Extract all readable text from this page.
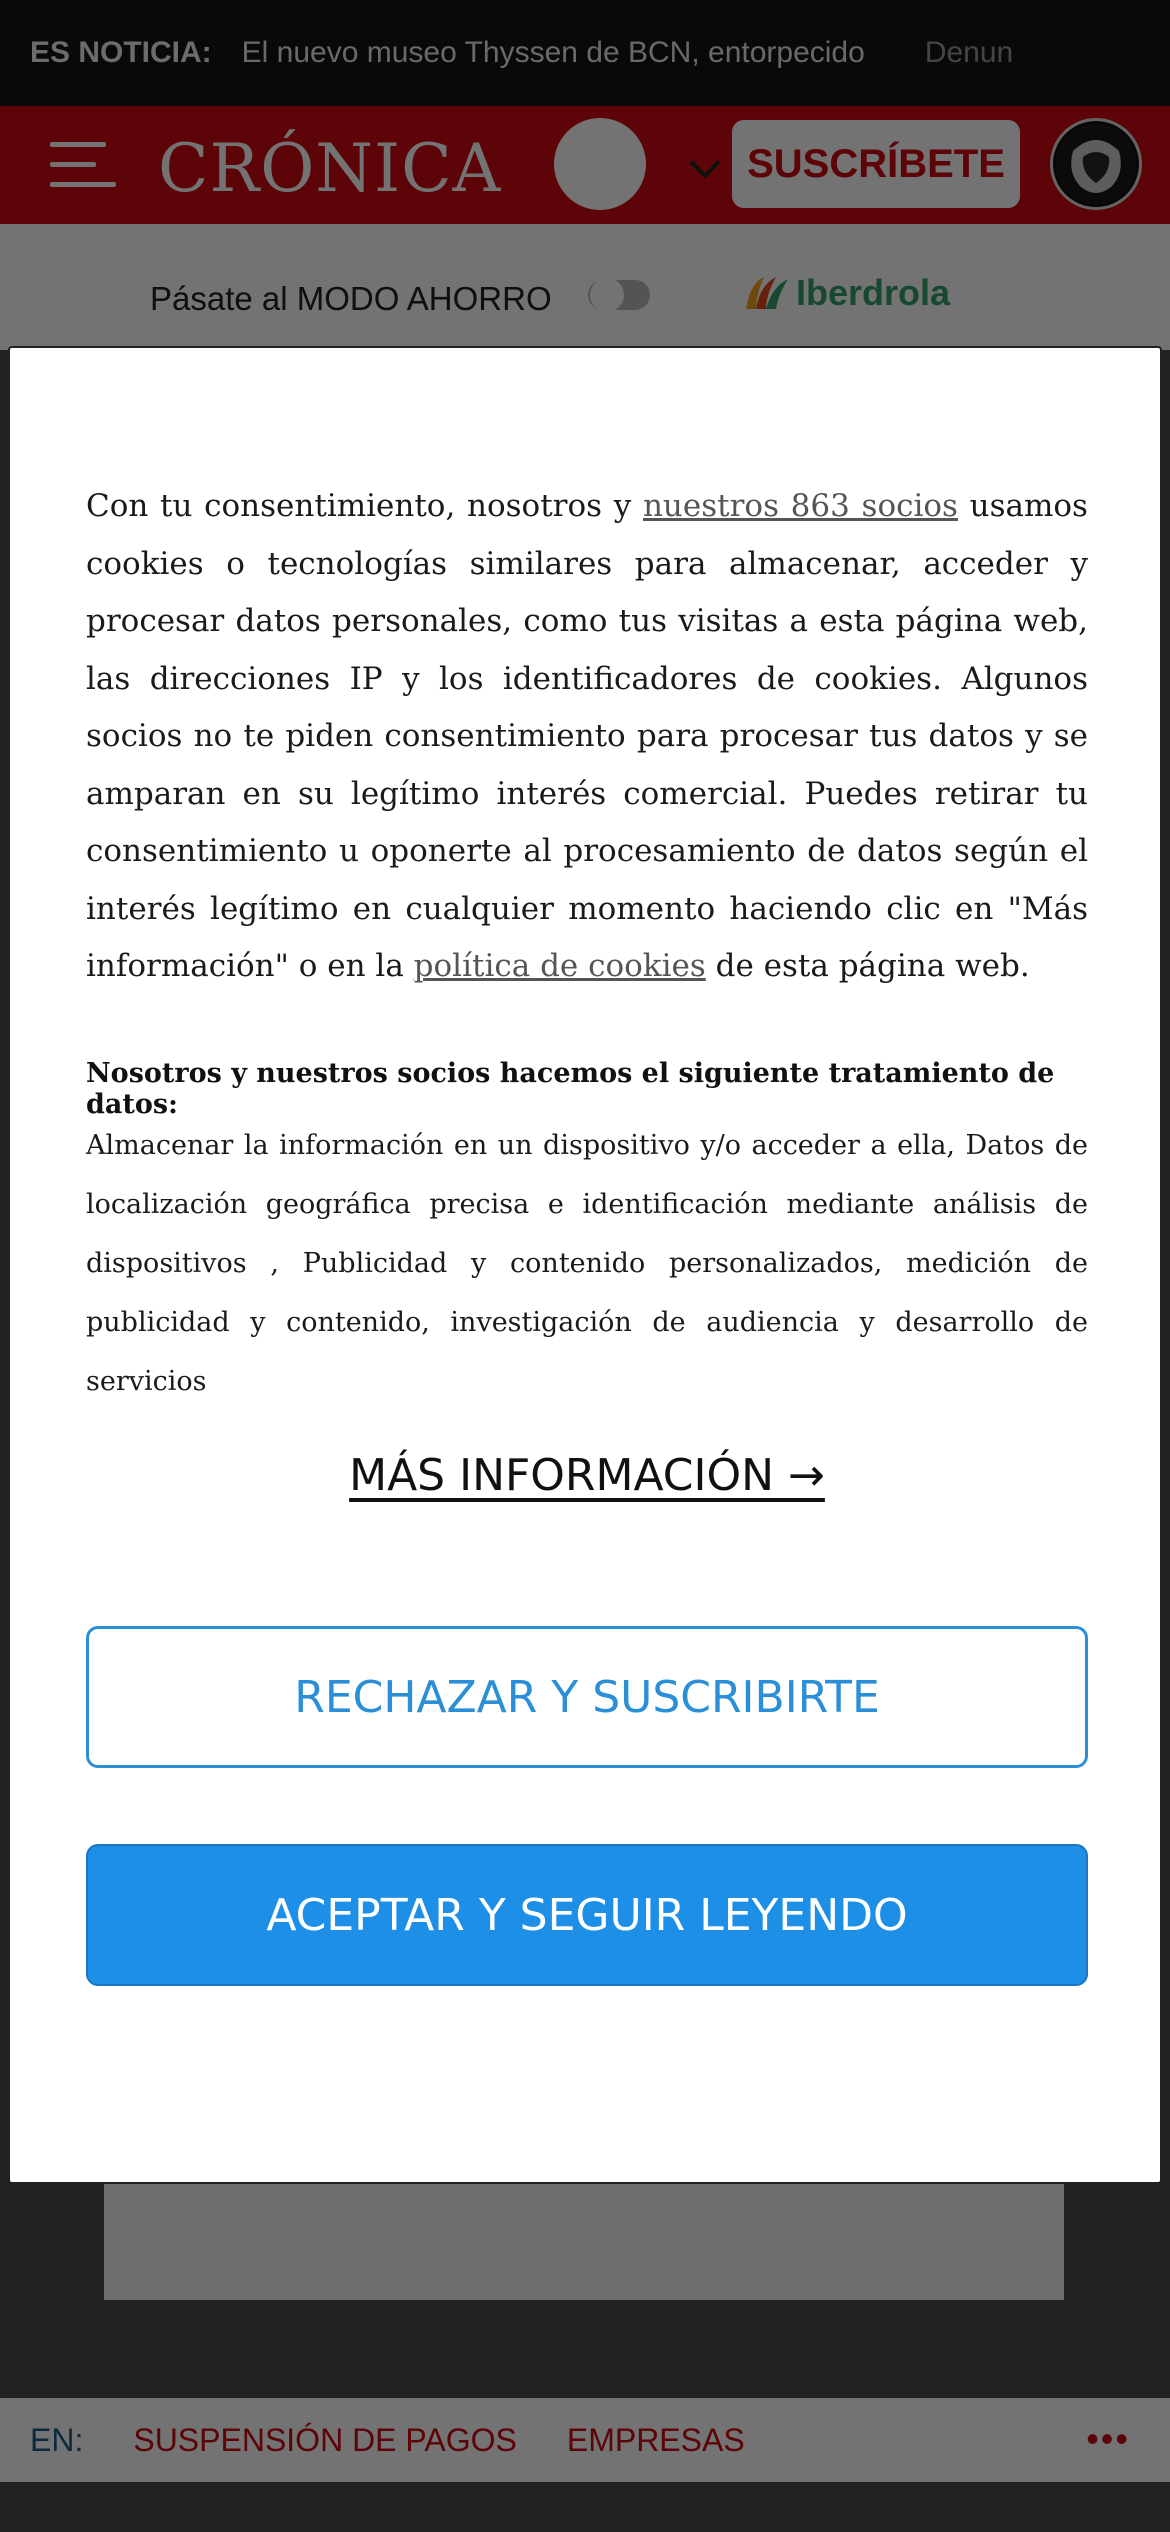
Con tu consentimiento, nosotros y nuestros 863 socios usamos cookies o tecnologías similares para almacenar, acceder y procesar datos personales, como tus visitas a esta página web, las direcciones IP y los identificadores de cookies. Algunos socios no te piden consentimiento para procesar tus datos y se amparan en su legítimo interés comercial. Puedes retirar tu consentimiento u oponerte al procesamiento de datos según el interés legítimo en cualquier momento haciendo clic en "Más información" o en la política de cookies de esta página web.

Nosotros y nuestros socios hacemos el siguiente tratamiento de datos:

Almacenar la información en un dispositivo y/o acceder a ella, Datos de localización geográfica precisa e identificación mediante análisis de dispositivos , Publicidad y contenido personalizados, medición de publicidad y contenido, investigación de audiencia y desarrollo de servicios

MÁS INFORMACIÓN →
RECHAZAR Y SUSCRIBIRTE
ACEPTAR Y SEGUIR LEYENDO
